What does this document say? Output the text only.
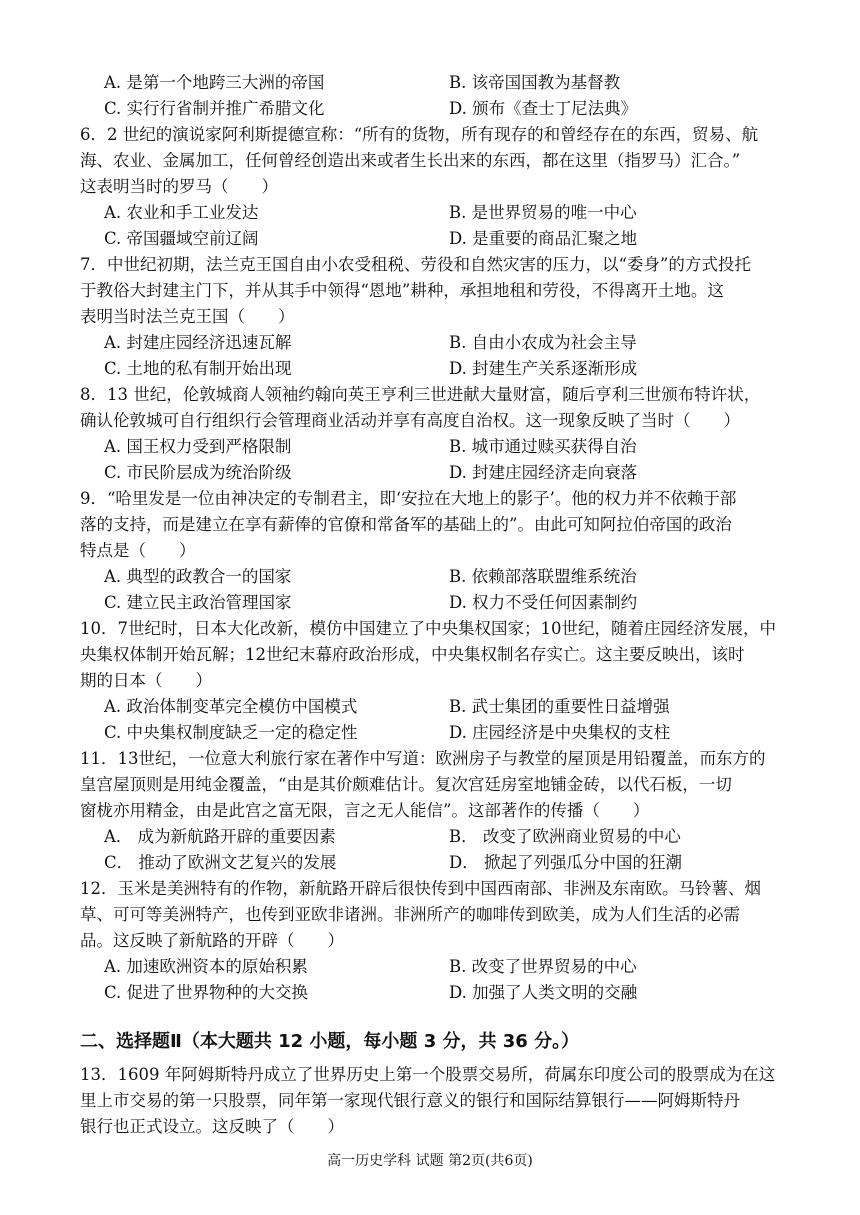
A. 是第一个地跨三大洲的帝国	B. 该帝国国教为基督教
C. 实行行省制并推广希腊文化	D. 颁布《查士丁尼法典》
6．2 世纪的演说家阿利斯提德宣称：“所有的货物，所有现存的和曾经存在的东西，贸易、航
海、农业、金属加工，任何曾经创造出来或者生长出来的东西，都在这里（指罗马）汇合。”
这表明当时的罗马（　　）
A. 农业和手工业发达	B. 是世界贸易的唯一中心
C. 帝国疆域空前辽阔	D. 是重要的商品汇聚之地
7．中世纪初期，法兰克王国自由小农受租税、劳役和自然灾害的压力，以“委身”的方式投托
于教俗大封建主门下，并从其手中领得“恩地”耕种，承担地租和劳役，不得离开土地。这
表明当时法兰克王国（　　）
A. 封建庄园经济迅速瓦解	B. 自由小农成为社会主导
C. 土地的私有制开始出现	D. 封建生产关系逐渐形成
8．13 世纪，伦敦城商人领袖约翰向英王亨利三世进献大量财富，随后亨利三世颁布特许状，
确认伦敦城可自行组织行会管理商业活动并享有高度自治权。这一现象反映了当时（　　）
A. 国王权力受到严格限制	B. 城市通过赎买获得自治
C. 市民阶层成为统治阶级	D. 封建庄园经济走向衰落
9．“哈里发是一位由神决定的专制君主，即‘安拉在大地上的影子’。他的权力并不依赖于部
落的支持，而是建立在享有薪俸的官僚和常备军的基础上的”。由此可知阿拉伯帝国的政治
特点是（　　）
A. 典型的政教合一的国家	B. 依赖部落联盟维系统治
C. 建立民主政治管理国家	D. 权力不受任何因素制约
10．7世纪时，日本大化改新，模仿中国建立了中央集权国家；10世纪，随着庄园经济发展，中
央集权体制开始瓦解；12世纪末幕府政治形成，中央集权制名存实亡。这主要反映出，该时
期的日本（　　）
A. 政治体制变革完全模仿中国模式	B. 武士集团的重要性日益增强
C. 中央集权制度缺乏一定的稳定性	D. 庄园经济是中央集权的支柱
11．13世纪，一位意大利旅行家在著作中写道：欧洲房子与教堂的屋顶是用铅覆盖，而东方的
皇宫屋顶则是用纯金覆盖，“由是其价颇难估计。复次宫廷房室地铺金砖，以代石板，一切
窗栊亦用精金，由是此宫之富无限，言之无人能信”。这部著作的传播（　　）
A． 成为新航路开辟的重要因素	B． 改变了欧洲商业贸易的中心
C． 推动了欧洲文艺复兴的发展	D． 掀起了列强瓜分中国的狂潮
12．玉米是美洲特有的作物，新航路开辟后很快传到中国西南部、非洲及东南欧。马铃薯、烟
草、可可等美洲特产，也传到亚欧非诸洲。非洲所产的咖啡传到欧美，成为人们生活的必需
品。这反映了新航路的开辟（　　）
A. 加速欧洲资本的原始积累	B. 改变了世界贸易的中心
C. 促进了世界物种的大交换	D. 加强了人类文明的交融
二、选择题Ⅱ（本大题共 12 小题，每小题 3 分，共 36 分。）
13．1609 年阿姆斯特丹成立了世界历史上第一个股票交易所，荷属东印度公司的股票成为在这
里上市交易的第一只股票，同年第一家现代银行意义的银行和国际结算银行——阿姆斯特丹
银行也正式设立。这反映了（　　）
高一历史学科 试题 第2页(共6页)
